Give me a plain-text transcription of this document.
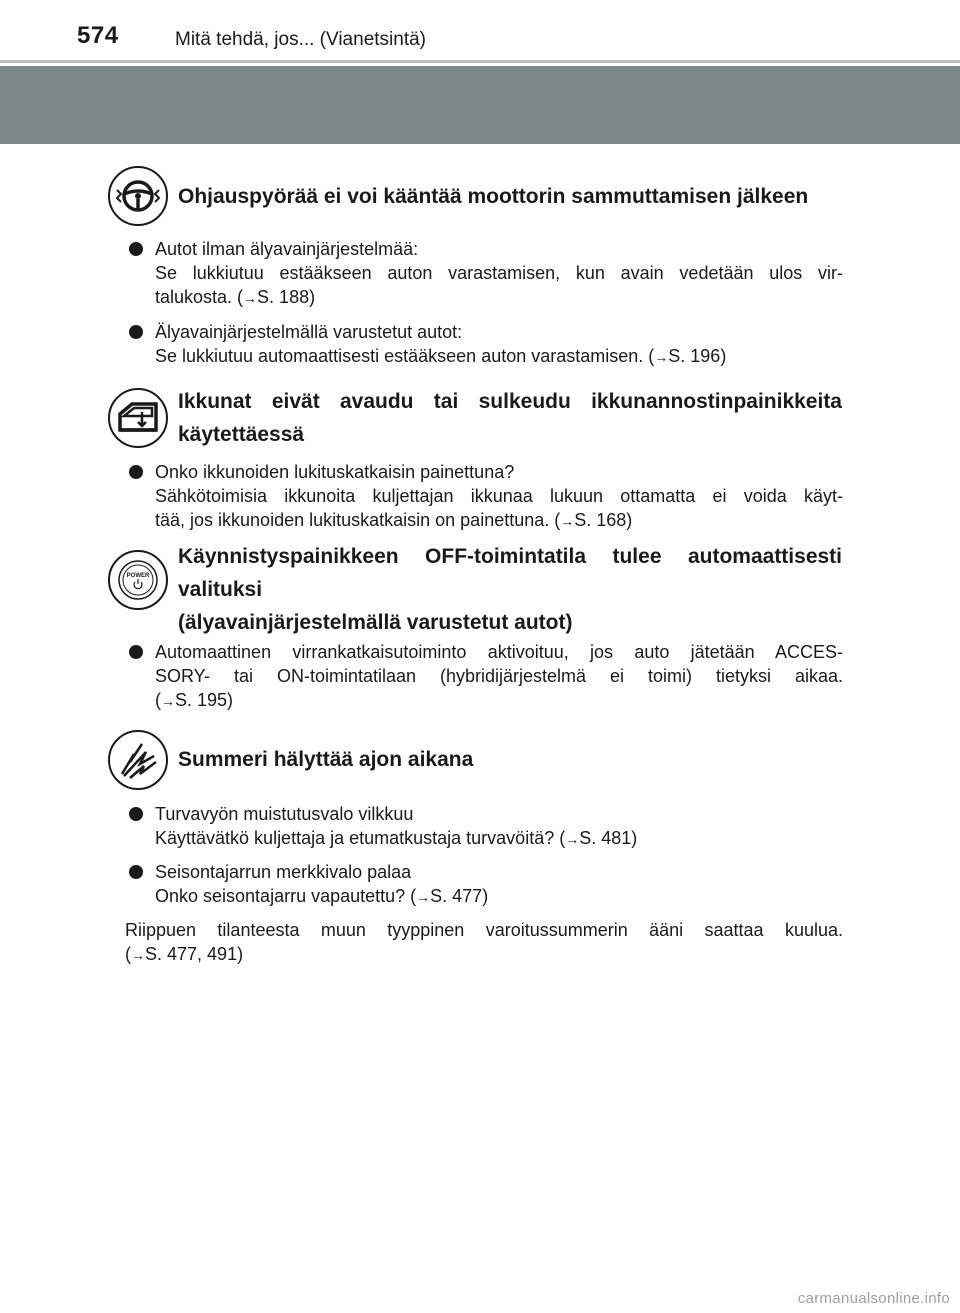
574	Mitä tehdä, jos... (Vianetsintä)
Ohjauspyörää ei voi kääntää moottorin sammuttamisen jälkeen
Autot ilman älyavainjärjestelmää:
Se lukkiutuu estääkseen auton varastamisen, kun avain vedetään ulos vir-
talukosta. (→S. 188)
Älyavainjärjestelmällä varustetut autot:
Se lukkiutuu automaattisesti estääkseen auton varastamisen. (→S. 196)
Ikkunat eivät avaudu tai sulkeudu ikkunannostinpainikkeita
käytettäessä
Onko ikkunoiden lukituskatkaisin painettuna?
Sähkötoimisia ikkunoita kuljettajan ikkunaa lukuun ottamatta ei voida käyt-
tää, jos ikkunoiden lukituskatkaisin on painettuna. (→S. 168)
POWER
Käynnistyspainikkeen OFF-toimintatila tulee automaattisesti
valituksi
(älyavainjärjestelmällä varustetut autot)
Automaattinen virrankatkaisutoiminto aktivoituu, jos auto jätetään ACCES-
SORY- tai ON-toimintatilaan (hybridijärjestelmä ei toimi) tietyksi aikaa.
(→S. 195)
Summeri hälyttää ajon aikana
Turvavyön muistutusvalo vilkkuu
Käyttävätkö kuljettaja ja etumatkustaja turvavöitä? (→S. 481)
Seisontajarrun merkkivalo palaa
Onko seisontajarru vapautettu? (→S. 477)
Riippuen tilanteesta muun tyyppinen varoitussummerin ääni saattaa kuulua.
(→S. 477, 491)
carmanualsonline.info
